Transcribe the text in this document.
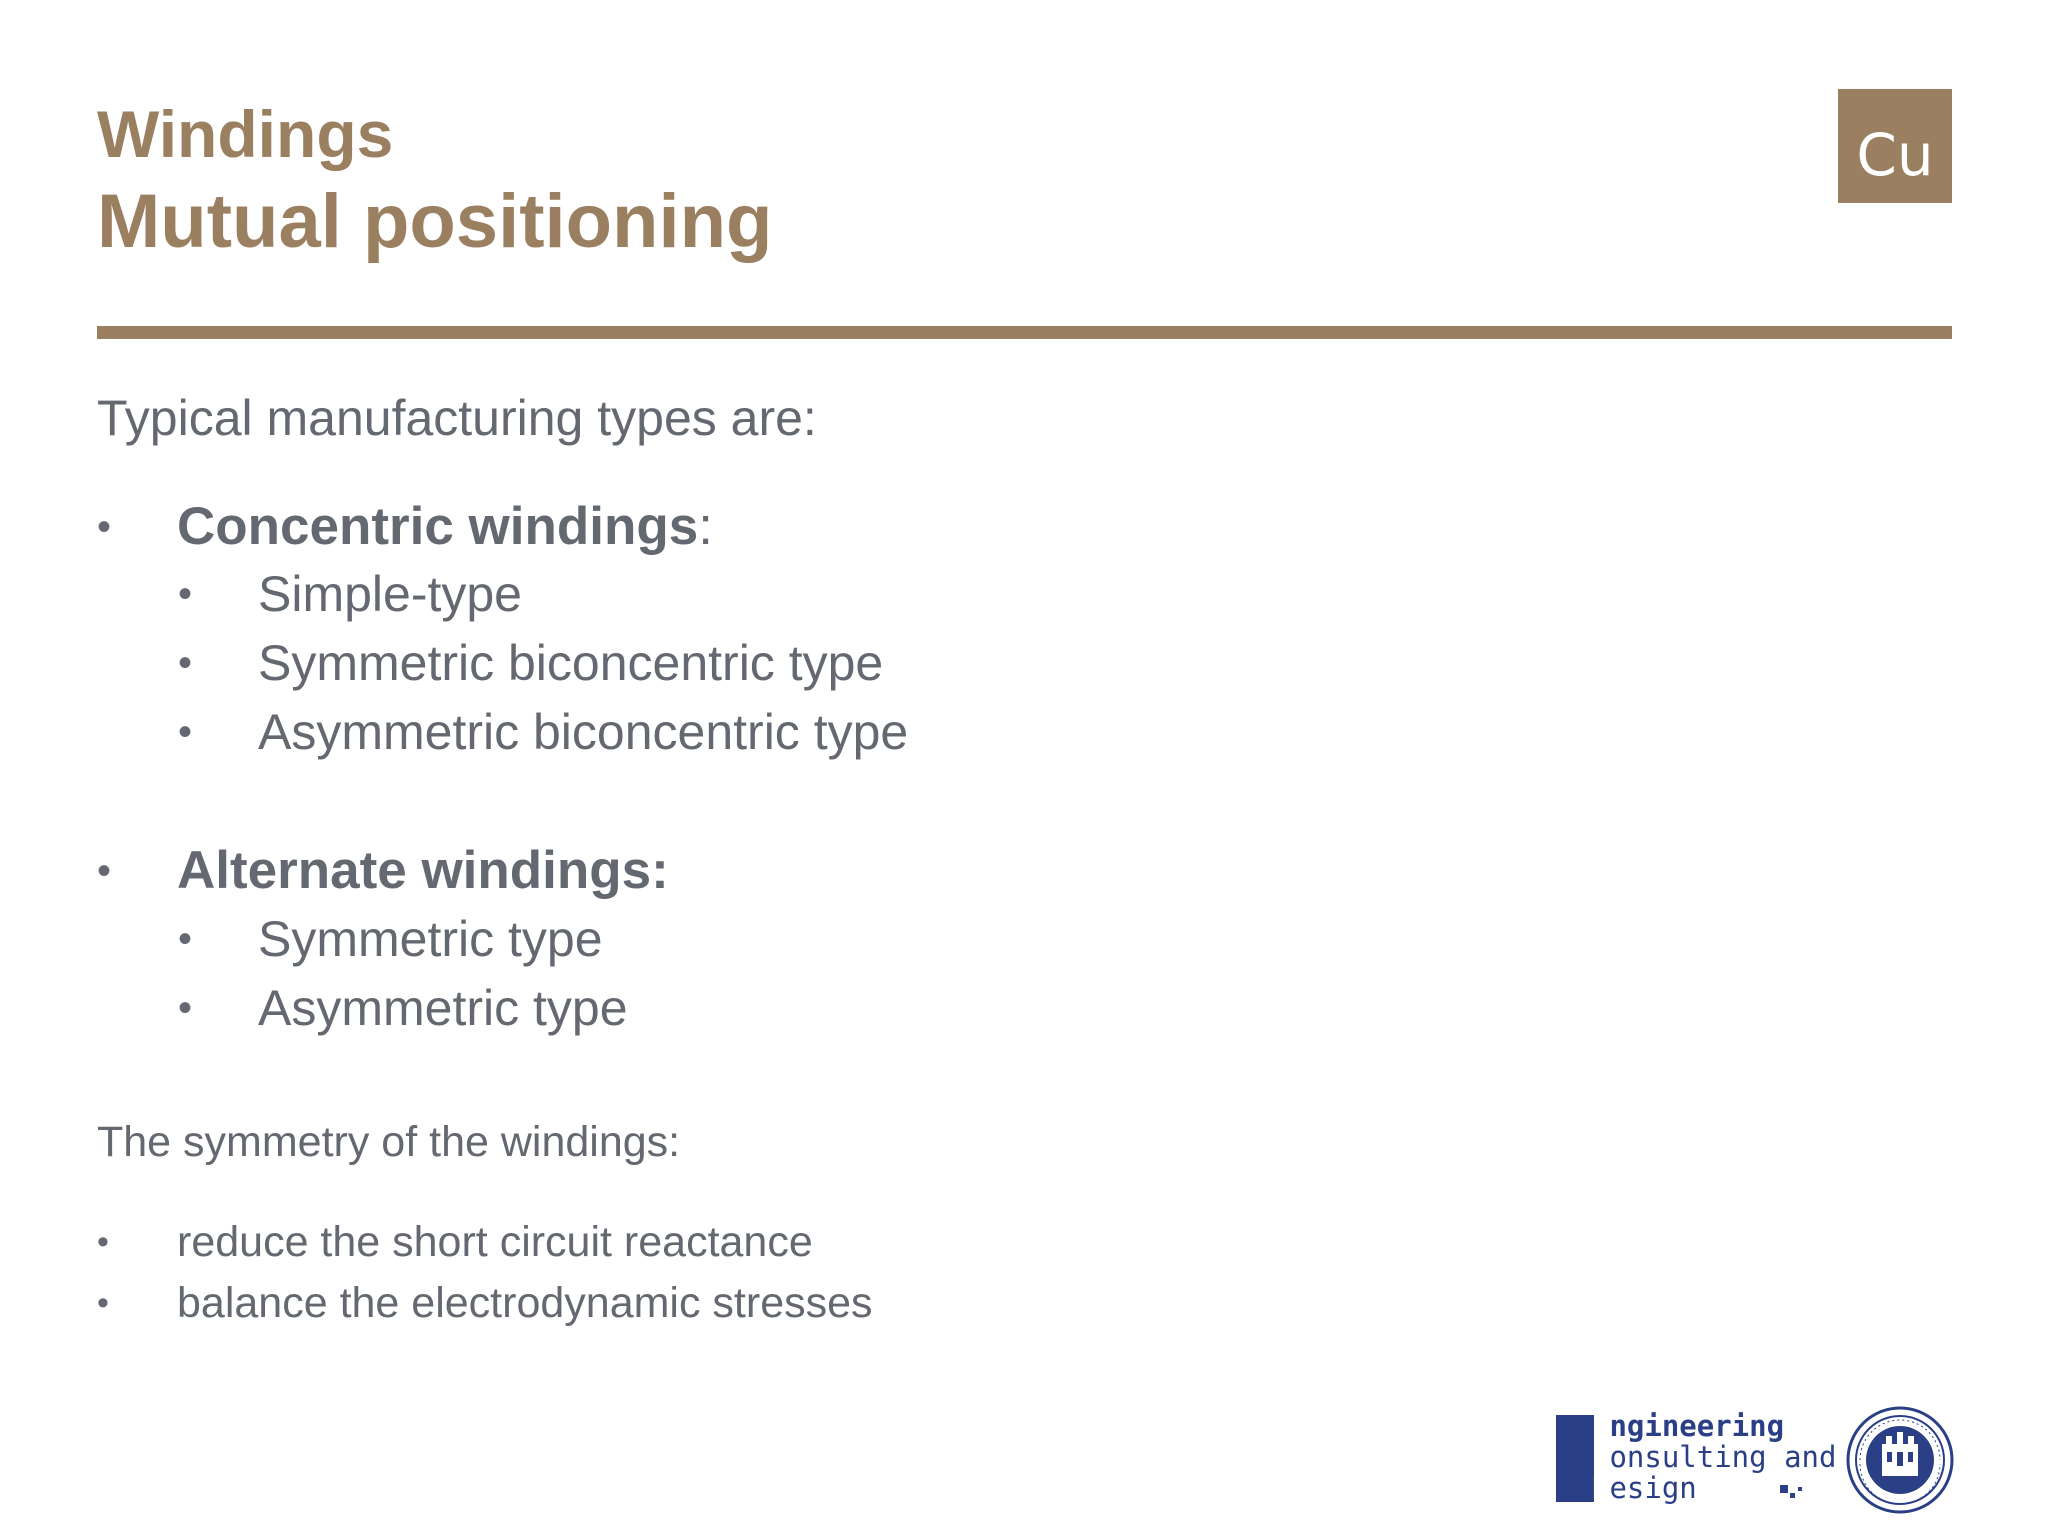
Windings
Mutual positioning
Cu
Typical manufacturing types are:
• Concentric windings:
• Simple-type
• Symmetric biconcentric type
• Asymmetric biconcentric type
• Alternate windings:
• Symmetric type
• Asymmetric type
The symmetry of the windings:
• reduce the short circuit reactance
• balance the electrodynamic stresses
Engineering
Consulting and
Design
